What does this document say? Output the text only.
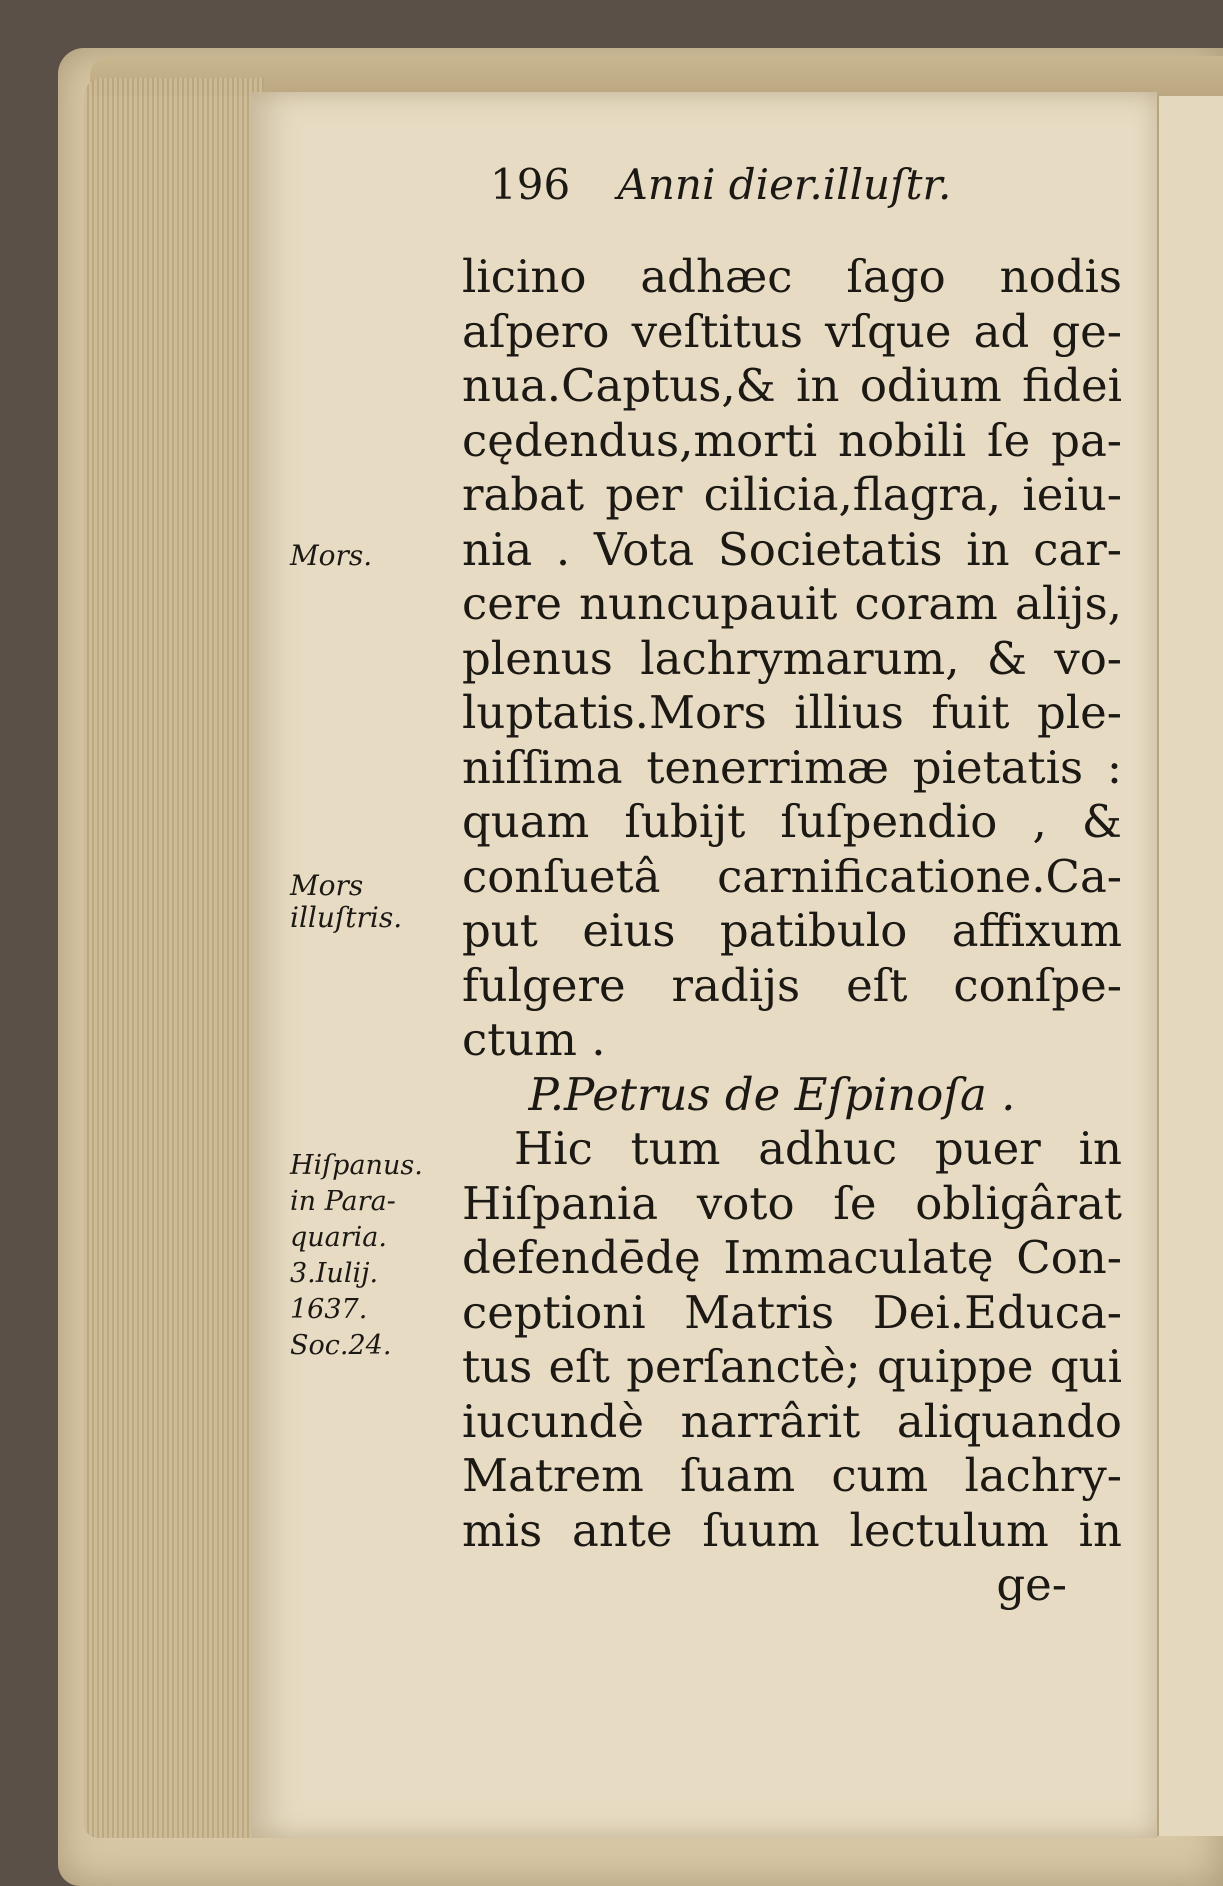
196 Anni dier.illuſtr.
licino adhæc ſago nodis
aſpero veſtitus vſque ad ge-
nua.Captus,& in odium fidei
cędendus,morti nobili ſe pa-
rabat per cilicia,flagra, ieiu-
nia . Vota Societatis in car-
cere nuncupauit coram alijs,
plenus lachrymarum, & vo-
luptatis.Mors illius fuit ple-
niſſima tenerrimæ pietatis :
quam ſubijt ſuſpendio , &
conſuetâ carnificatione.Ca-
put eius patibulo affixum
fulgere radijs eſt conſpe-
ctum .
P.Petrus de Eſpinoſa .
Hic tum adhuc puer in
Hiſpania voto ſe obligârat
defendēdę Immaculatę Con-
ceptioni Matris Dei.Educa-
tus eſt perſanctè; quippe qui
iucundè narrârit aliquando
Matrem ſuam cum lachry-
mis ante ſuum lectulum in
ge-
Mors.
Mors
illuſtris.
Hiſpanus.
in Para-
quaria.
3.Iulij.
1637.
Soc.24.
